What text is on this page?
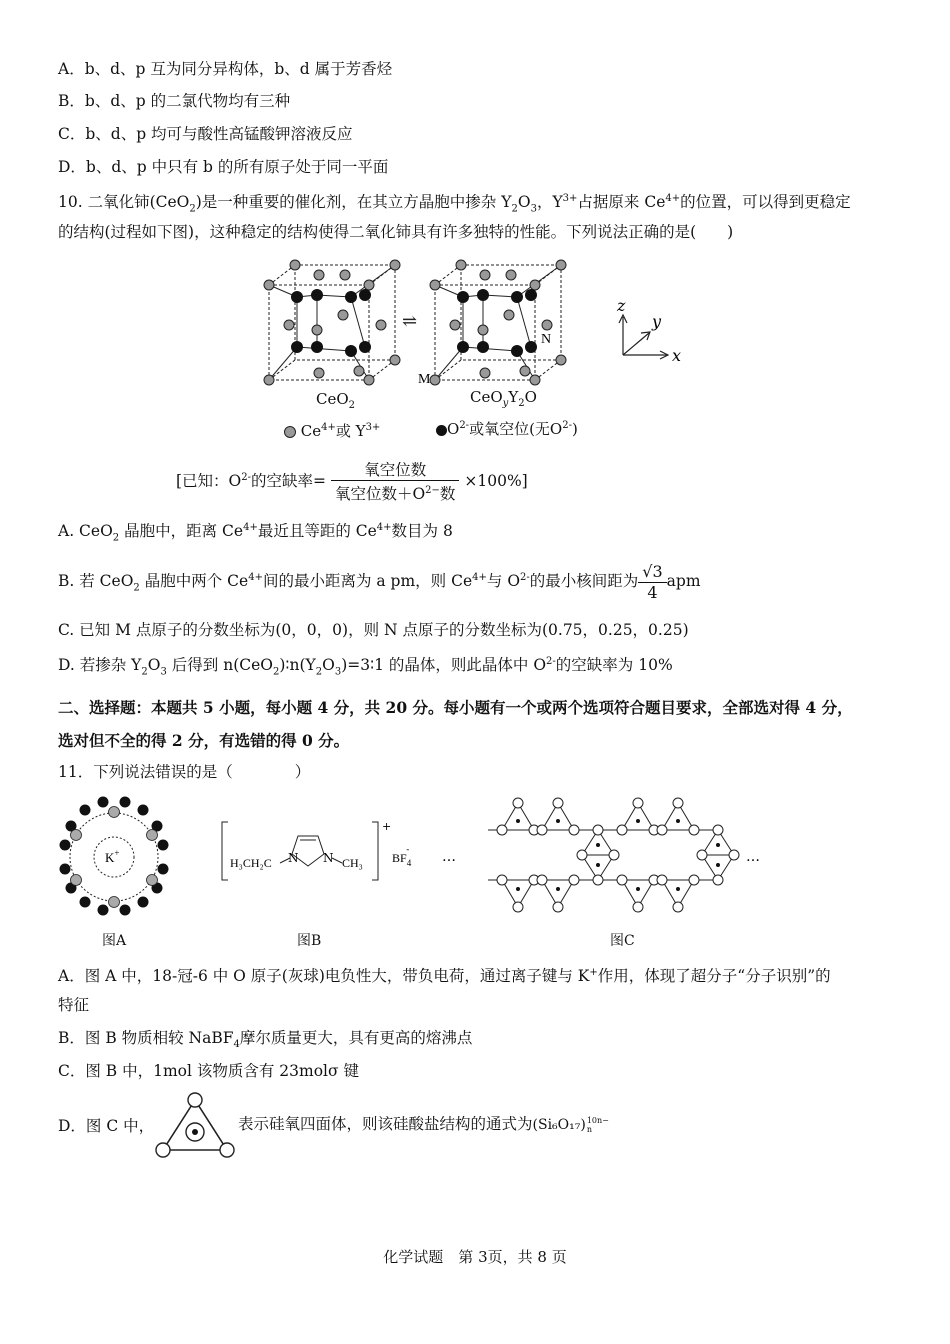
A．b、d、p 互为同分异构体，b、d 属于芳香烃
B．b、d、p 的二氯代物均有三种
C．b、d、p 均可与酸性高锰酸钾溶液反应
D．b、d、p 中只有 b 的所有原子处于同一平面
10. 二氧化铈(CeO$_2$)是一种重要的催化剂，在其立方晶胞中掺杂 $Y_2O_3$，$Y^{3+}$占据原来 $Ce^{4+}$的位置，可以得到更稳定
的结构(过程如下图)，这种稳定的结构使得二氧化铈具有许多独特的性能。下列说法正确的是(　　)
⇌
M
N
z
y
x
CeO$_2$	$CeO_yY_2O$
$Ce^{4+}$或 $Y^{3+}$	$O^{2-}$或氧空位(无$O^{2-}$)
[已知：$O^{2-}$的空缺率= $\frac{\text{氧空位数}}{氧空位数+O^{2-}数} \times 100\%$]
A. CeO$_2$ 晶胞中，距离 $Ce^{4+}$最近且等距的 $Ce^{4+}$数目为 8
B. 若 CeO$_2$ 晶胞中两个 $Ce^{4+}$间的最小距离为 a pm，则 $Ce^{4+}$与 $O^{2-}$的最小核间距为 $\frac{√3}{4}$ apm
C. 已知 M 点原子的分数坐标为(0，0，0)，则 N 点原子的分数坐标为(0.75，0.25，0.25)
D. 若掺杂 $Y_2O_3$ 后得到 $n(CeO_2)∶n(Y_2O_3)=3∶1$ 的晶体，则此晶体中 $O^{2-}$的空缺率为 10%
二、选择题：本题共 5 小题，每小题 4 分，共 20 分。每小题有一个或两个选项符合题目要求，全部选对得 4 分，
选对但不全的得 2 分，有选错的得 0 分。
11．下列说法错误的是（　　　　）
K+
图A
H₃CH₂C N N CH₃
+
$BF_4-$
图B
…	…
图C
A．图 A 中，18-冠-6 中 O 原子(灰球)电负性大，带负电荷，通过离子键与 K+作用，体现了超分子“分子识别”的
特征
B．图 B 物质相较 NaBF$_4$摩尔质量更大，具有更高的熔沸点
C．图 B 中，1mol 该物质含有 23molσ 键
D．图 C 中，	表示硅氧四面体，则该硅酸盐结构的通式为(Si₆O₁₇) 10n−
n
化学试题　第 3页，共 8 页
